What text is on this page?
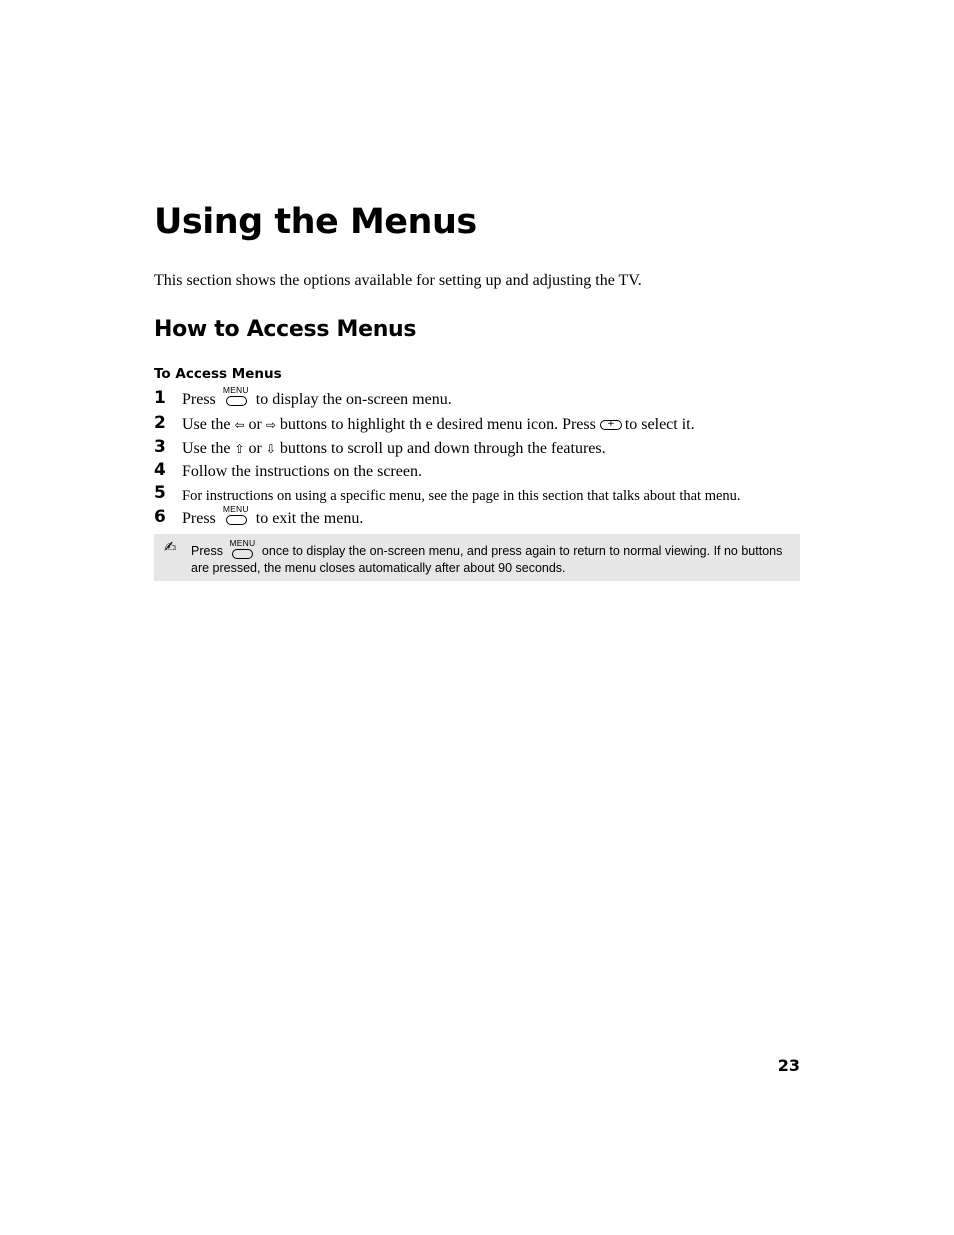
Using the Menus

This section shows the options available for setting up and adjusting the TV.

How to Access Menus
To Access Menus
1 Press
MENU
to display the on-screen menu.
2 Use the ⇦ or ⇨ buttons to highlight th e desired menu icon. Press+ to select it.
3 Use the ⇧ or ⇩ buttons to scroll up and down through the features.
4 Follow the instructions on the screen.
5 For instructions on using a specific menu, see the page in this section that talks about that menu.
6 Press
MENU
to exit the menu.
✍ Press
MENU
once to display the on-screen menu, and press again to return to normal viewing. If no buttons are pressed, the menu closes automatically after about 90 seconds.
23
